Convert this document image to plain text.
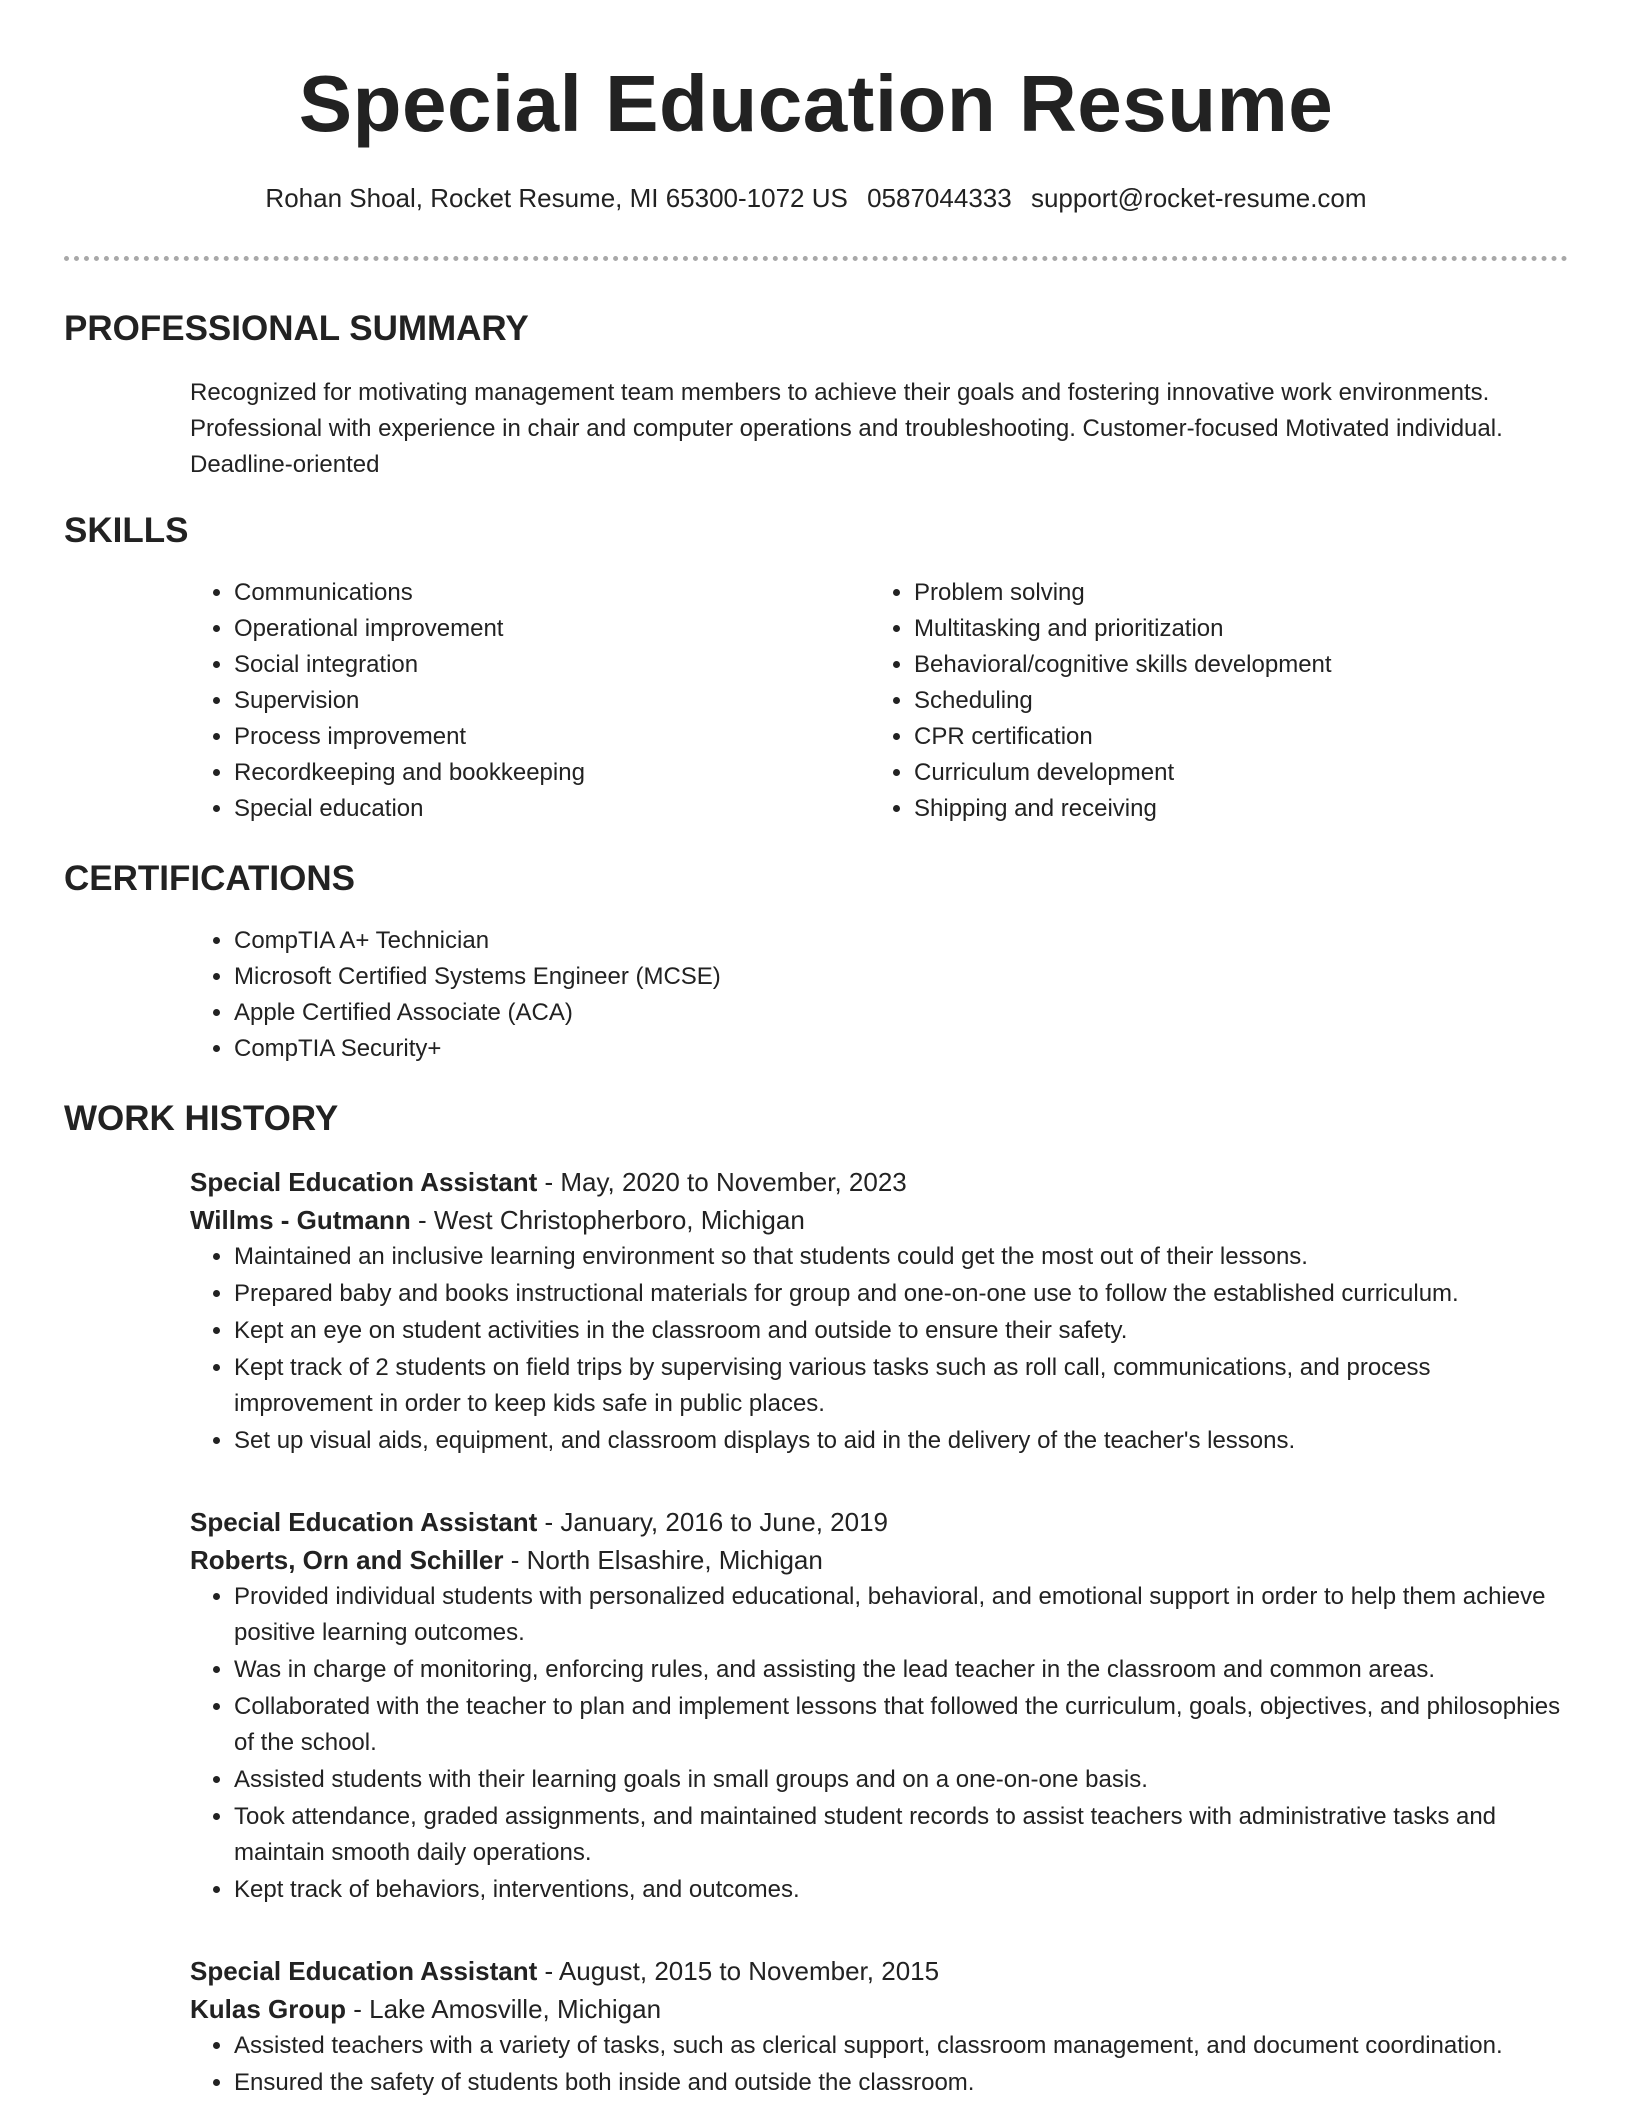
Special Education Resume
Rohan Shoal, Rocket Resume, MI 65300-1072 US 0587044333 support@rocket-resume.com
PROFESSIONAL SUMMARY
Recognized for motivating management team members to achieve their goals and fostering innovative work environments. Professional with experience in chair and computer operations and troubleshooting. Customer-focused Motivated individual. Deadline-oriented
SKILLS
• Communications
• Operational improvement
• Social integration
• Supervision
• Process improvement
• Recordkeeping and bookkeeping
• Special education
• Problem solving
• Multitasking and prioritization
• Behavioral/cognitive skills development
• Scheduling
• CPR certification
• Curriculum development
• Shipping and receiving
CERTIFICATIONS
• CompTIA A+ Technician
• Microsoft Certified Systems Engineer (MCSE)
• Apple Certified Associate (ACA)
• CompTIA Security+
WORK HISTORY
Special Education Assistant - May, 2020 to November, 2023
Willms - Gutmann - West Christopherboro, Michigan
• Maintained an inclusive learning environment so that students could get the most out of their lessons.
• Prepared baby and books instructional materials for group and one-on-one use to follow the established curriculum.
• Kept an eye on student activities in the classroom and outside to ensure their safety.
• Kept track of 2 students on field trips by supervising various tasks such as roll call, communications, and process improvement in order to keep kids safe in public places.
• Set up visual aids, equipment, and classroom displays to aid in the delivery of the teacher's lessons.
Special Education Assistant - January, 2016 to June, 2019
Roberts, Orn and Schiller - North Elsashire, Michigan
• Provided individual students with personalized educational, behavioral, and emotional support in order to help them achieve positive learning outcomes.
• Was in charge of monitoring, enforcing rules, and assisting the lead teacher in the classroom and common areas.
• Collaborated with the teacher to plan and implement lessons that followed the curriculum, goals, objectives, and philosophies of the school.
• Assisted students with their learning goals in small groups and on a one-on-one basis.
• Took attendance, graded assignments, and maintained student records to assist teachers with administrative tasks and maintain smooth daily operations.
• Kept track of behaviors, interventions, and outcomes.
Special Education Assistant - August, 2015 to November, 2015
Kulas Group - Lake Amosville, Michigan
• Assisted teachers with a variety of tasks, such as clerical support, classroom management, and document coordination.
• Ensured the safety of students both inside and outside the classroom.
